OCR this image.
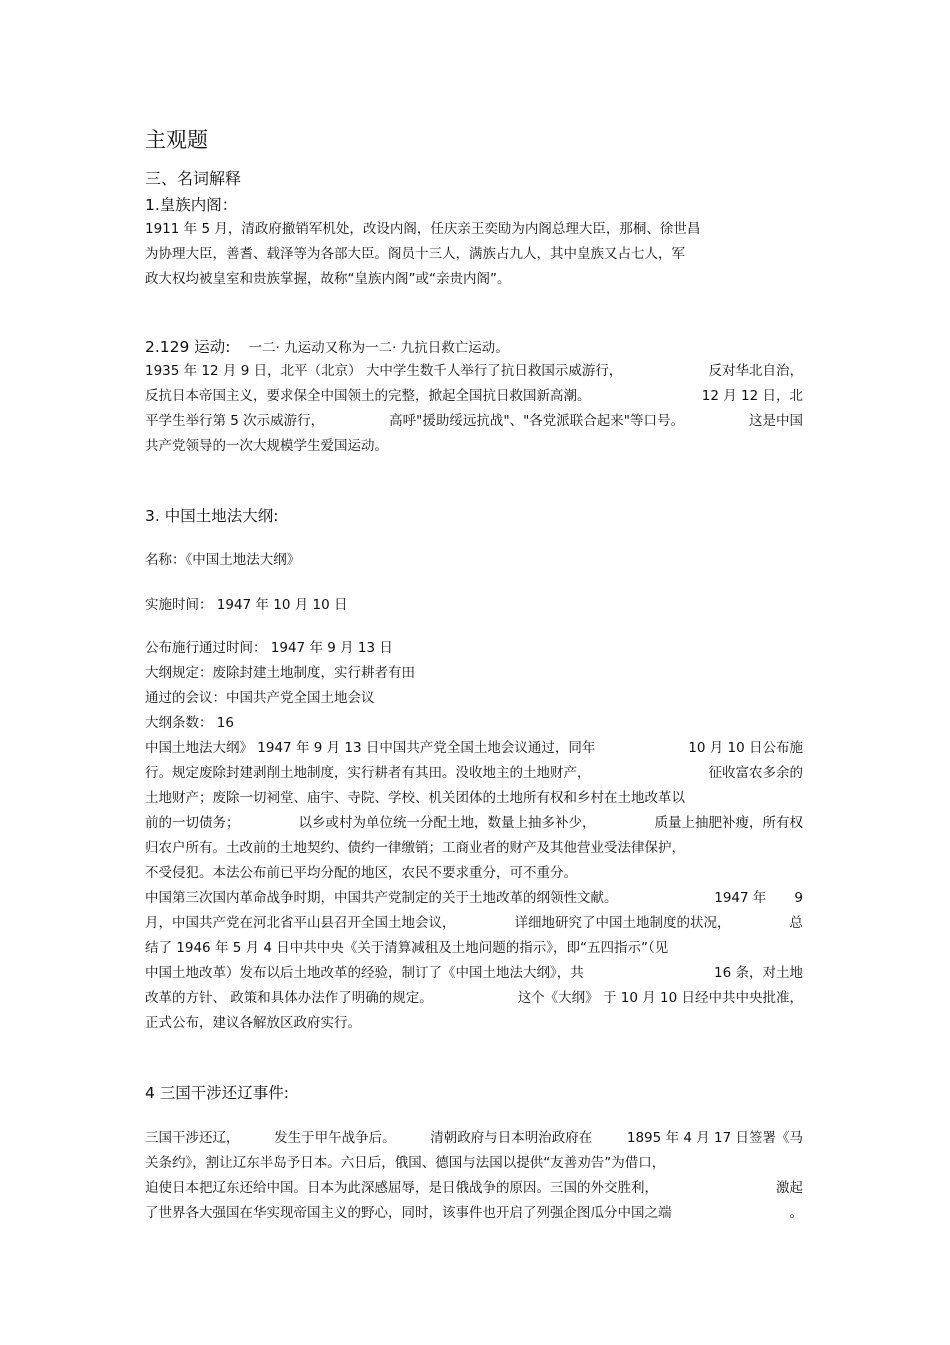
主观题
三、名词解释
1.皇族内阁：
1911 年 5 月，清政府撤销军机处，改设内阁，任庆亲王奕劻为内阁总理大臣，那桐、徐世昌
为协理大臣，善耆、载泽等为各部大臣。阁员十三人，满族占九人，其中皇族又占七人，军
政大权均被皇室和贵族掌握，故称“皇族内阁”或“亲贵内阁”。
2.129 运动: 一二· 九运动又称为一二· 九抗日救亡运动。
1935 年 12 月 9 日，北平（北京） 大中学生数千人举行了抗日救国示威游行，	反对华北自治，
反抗日本帝国主义，要求保全中国领土的完整，掀起全国抗日救国新高潮。	12 月 12 日，北
平学生举行第 5 次示威游行，	高呼"援助绥远抗战"、"各党派联合起来"等口号。	这是中国
共产党领导的一次大规模学生爱国运动。
3. 中国土地法大纲:
名称：《中国土地法大纲》
实施时间： 1947 年 10 月 10 日
公布施行通过时间： 1947 年 9 月 13 日
大纲规定：废除封建土地制度，实行耕者有田
通过的会议：中国共产党全国土地会议
大纲条数： 16
中国土地法大纲》 1947 年 9 月 13 日中国共产党全国土地会议通过，同年	10 月 10 日公布施
行。规定废除封建剥削土地制度，实行耕者有其田。没收地主的土地财产，	征收富农多余的
土地财产；废除一切祠堂、庙宇、寺院、学校、机关团体的土地所有权和乡村在土地改革以
前的一切债务；	以乡或村为单位统一分配土地，数量上抽多补少，	质量上抽肥补瘦，所有权
归农户所有。土改前的土地契约、债约一律缴销；工商业者的财产及其他营业受法律保护，
不受侵犯。本法公布前已平均分配的地区，农民不要求重分，可不重分。
中国第三次国内革命战争时期，中国共产党制定的关于土地改革的纲领性文献。	1947 年 9
月，中国共产党在河北省平山县召开全国土地会议，	详细地研究了中国土地制度的状况，	总
结了 1946 年 5 月 4 日中共中央《关于清算减租及土地问题的指示》，即“五四指示”（见
中国土地改革）发布以后土地改革的经验，制订了《中国土地法大纲》，共	16 条，对土地
改革的方针、 政策和具体办法作了明确的规定。	这个《大纲》 于 10 月 10 日经中共中央批准，
正式公布，建议各解放区政府实行。
4 三国干涉还辽事件:
三国干涉还辽，	发生于甲午战争后。	清朝政府与日本明治政府在	1895 年 4 月 17 日签署《马
关条约》，割让辽东半岛予日本。六日后，俄国、德国与法国以提供“友善劝告”为借口，
迫使日本把辽东还给中国。日本为此深感屈辱，是日俄战争的原因。三国的外交胜利，	激起
了世界各大强国在华实现帝国主义的野心，同时，该事件也开启了列强企图瓜分中国之端	。
